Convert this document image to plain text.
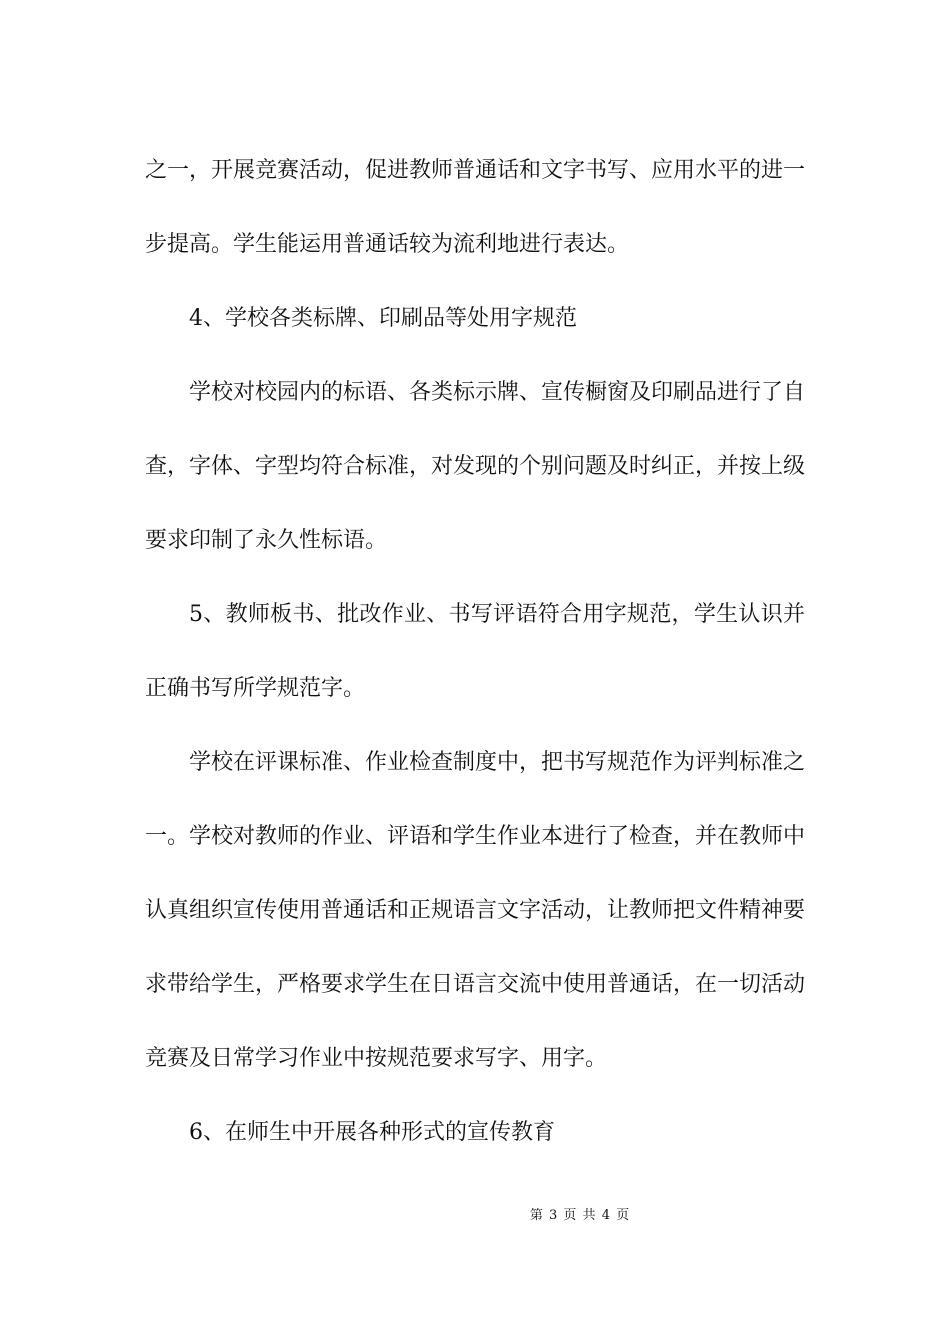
之一，开展竞赛活动，促进教师普通话和文字书写、应用水平的进一步提高。学生能运用普通话较为流利地进行表达。

4、学校各类标牌、印刷品等处用字规范

学校对校园内的标语、各类标示牌、宣传橱窗及印刷品进行了自查，字体、字型均符合标准，对发现的个别问题及时纠正，并按上级要求印制了永久性标语。

5、教师板书、批改作业、书写评语符合用字规范，学生认识并正确书写所学规范字。

学校在评课标准、作业检查制度中，把书写规范作为评判标准之一。学校对教师的作业、评语和学生作业本进行了检查，并在教师中认真组织宣传使用普通话和正规语言文字活动，让教师把文件精神要求带给学生，严格要求学生在日语言交流中使用普通话，在一切活动竞赛及日常学习作业中按规范要求写字、用字。

6、在师生中开展各种形式的宣传教育

第 3 页 共 4 页
